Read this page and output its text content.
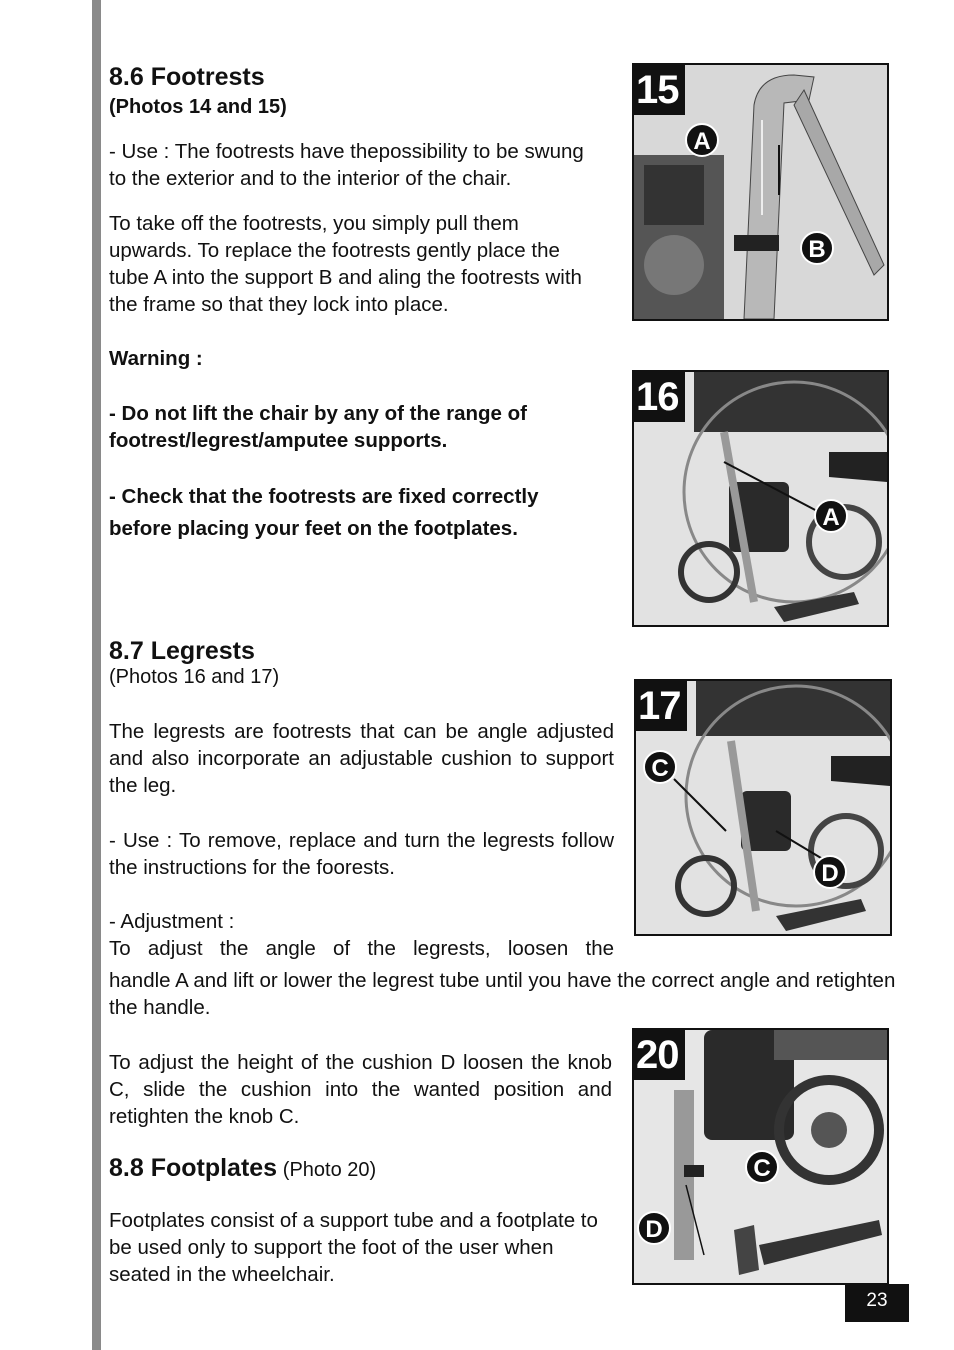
8.6 Footrests
(Photos 14 and 15)

- Use : The footrests have thepossibility to be swung to the exterior and to the interior of the chair.

To take off the footrests, you simply pull them upwards. To replace the footrests gently place the tube A into the support B and aling the footrests with the frame so that they lock into place.

Warning :

- Do not lift the chair by any of the range of footrest/legrest/amputee supports.

- Check that the footrests are fixed correctly before placing your feet on the footplates.

8.7 Legrests
(Photos 16 and 17)

The legrests are footrests that can be angle adjusted and also incorporate an adjustable cushion to support the leg.

- Use : To remove, replace and turn the legrests follow the instructions for the foorests.

- Adjustment :

To adjust the angle of the legrests, loosen the

handle A and lift or lower the legrest tube until you have the correct angle and retighten the handle.

To adjust the height of the cushion D loosen the knob C, slide the cushion into the wanted position and retighten the knob C.

8.8 Footplates (Photo 20)

Footplates consist of a support tube and a footplate to be used only to support the foot of the user when seated in the wheelchair.

15
A
B
16
A
17
C
D
20
C
D
23
